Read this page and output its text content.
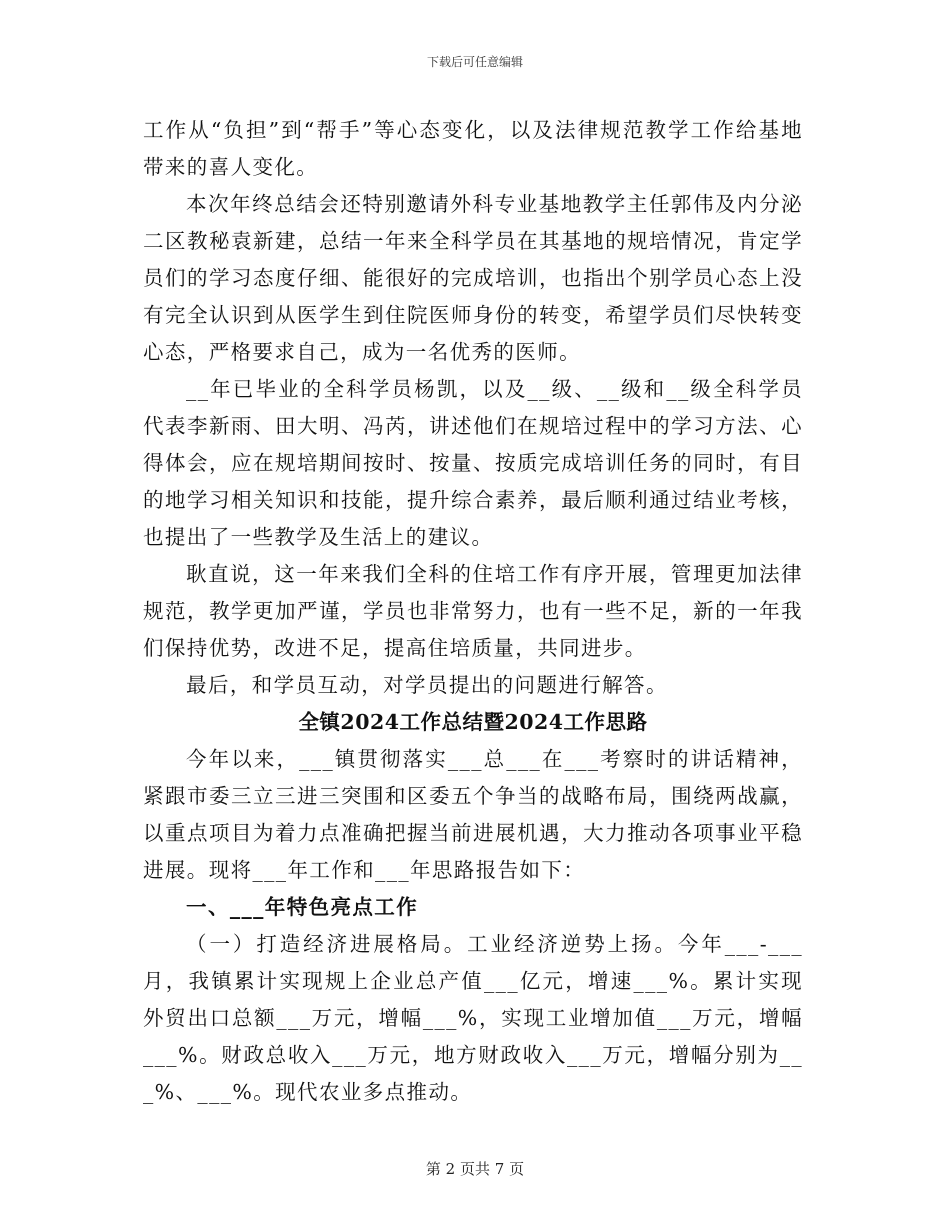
下载后可任意编辑

工作从“负担”到“帮手”等心态变化，以及法律规范教学工作给基地带来的喜人变化。

本次年终总结会还特别邀请外科专业基地教学主任郭伟及内分泌二区教秘袁新建，总结一年来全科学员在其基地的规培情况，肯定学员们的学习态度仔细、能很好的完成培训，也指出个别学员心态上没有完全认识到从医学生到住院医师身份的转变，希望学员们尽快转变心态，严格要求自己，成为一名优秀的医师。

__年已毕业的全科学员杨凯，以及__级、__级和__级全科学员代表李新雨、田大明、冯芮，讲述他们在规培过程中的学习方法、心得体会，应在规培期间按时、按量、按质完成培训任务的同时，有目的地学习相关知识和技能，提升综合素养，最后顺利通过结业考核，也提出了一些教学及生活上的建议。

耿直说，这一年来我们全科的住培工作有序开展，管理更加法律规范，教学更加严谨，学员也非常努力，也有一些不足，新的一年我们保持优势，改进不足，提高住培质量，共同进步。

最后，和学员互动，对学员提出的问题进行解答。

全镇2024工作总结暨2024工作思路

今年以来，___镇贯彻落实___总___在___考察时的讲话精神，紧跟市委三立三进三突围和区委五个争当的战略布局，围绕两战赢，以重点项目为着力点准确把握当前进展机遇，大力推动各项事业平稳进展。现将___年工作和___年思路报告如下：

一、___年特色亮点工作

（一）打造经济进展格局。工业经济逆势上扬。今年___-___月，我镇累计实现规上企业总产值___亿元，增速___%。累计实现外贸出口总额___万元，增幅___%，实现工业增加值___万元，增幅___%。财政总收入___万元，地方财政收入___万元，增幅分别为___%、___%。现代农业多点推动。

第 2 页共 7 页
